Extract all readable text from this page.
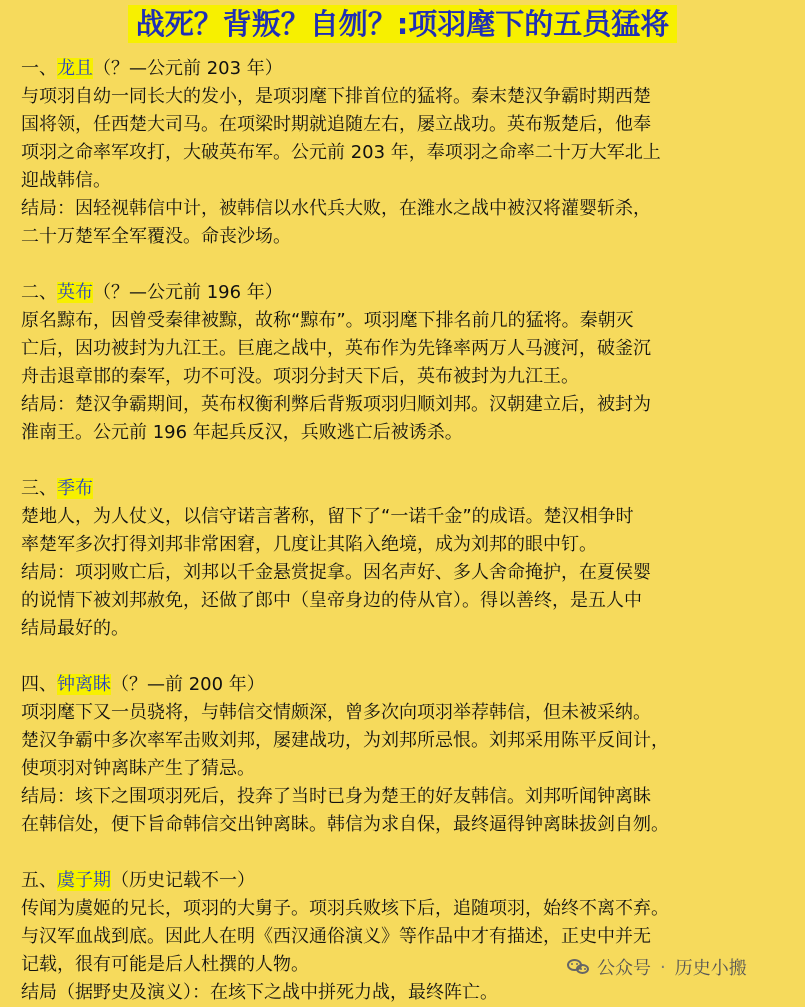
战死？背叛？自刎？:项羽麾下的五员猛将
一、龙且（？—公元前 203 年）
与项羽自幼一同长大的发小，是项羽麾下排首位的猛将。秦末楚汉争霸时期西楚
国将领，任西楚大司马。在项梁时期就追随左右，屡立战功。英布叛楚后，他奉
项羽之命率军攻打，大破英布军。公元前 203 年，奉项羽之命率二十万大军北上
迎战韩信。
结局：因轻视韩信中计，被韩信以水代兵大败，在潍水之战中被汉将灌婴斩杀，
二十万楚军全军覆没。命丧沙场。
二、英布（？—公元前 196 年）
原名黥布，因曾受秦律被黥，故称“黥布”。项羽麾下排名前几的猛将。秦朝灭
亡后，因功被封为九江王。巨鹿之战中，英布作为先锋率两万人马渡河，破釜沉
舟击退章邯的秦军，功不可没。项羽分封天下后，英布被封为九江王。
结局：楚汉争霸期间，英布权衡利弊后背叛项羽归顺刘邦。汉朝建立后，被封为
淮南王。公元前 196 年起兵反汉，兵败逃亡后被诱杀。
三、季布
楚地人，为人仗义，以信守诺言著称，留下了“一诺千金”的成语。楚汉相争时
率楚军多次打得刘邦非常困窘，几度让其陷入绝境，成为刘邦的眼中钉。
结局：项羽败亡后，刘邦以千金悬赏捉拿。因名声好、多人舍命掩护，在夏侯婴
的说情下被刘邦赦免，还做了郎中（皇帝身边的侍从官）。得以善终，是五人中
结局最好的。
四、钟离眛（？—前 200 年）
项羽麾下又一员骁将，与韩信交情颇深，曾多次向项羽举荐韩信，但未被采纳。
楚汉争霸中多次率军击败刘邦，屡建战功，为刘邦所忌恨。刘邦采用陈平反间计，
使项羽对钟离眛产生了猜忌。
结局：垓下之围项羽死后，投奔了当时已身为楚王的好友韩信。刘邦听闻钟离眛
在韩信处，便下旨命韩信交出钟离眛。韩信为求自保，最终逼得钟离眛拔剑自刎。
五、虞子期（历史记载不一）
传闻为虞姬的兄长，项羽的大舅子。项羽兵败垓下后，追随项羽，始终不离不弃。
与汉军血战到底。因此人在明《西汉通俗演义》等作品中才有描述，正史中并无
记载，很有可能是后人杜撰的人物。
结局（据野史及演义）：在垓下之战中拼死力战，最终阵亡。
公众号 · 历史小搬
